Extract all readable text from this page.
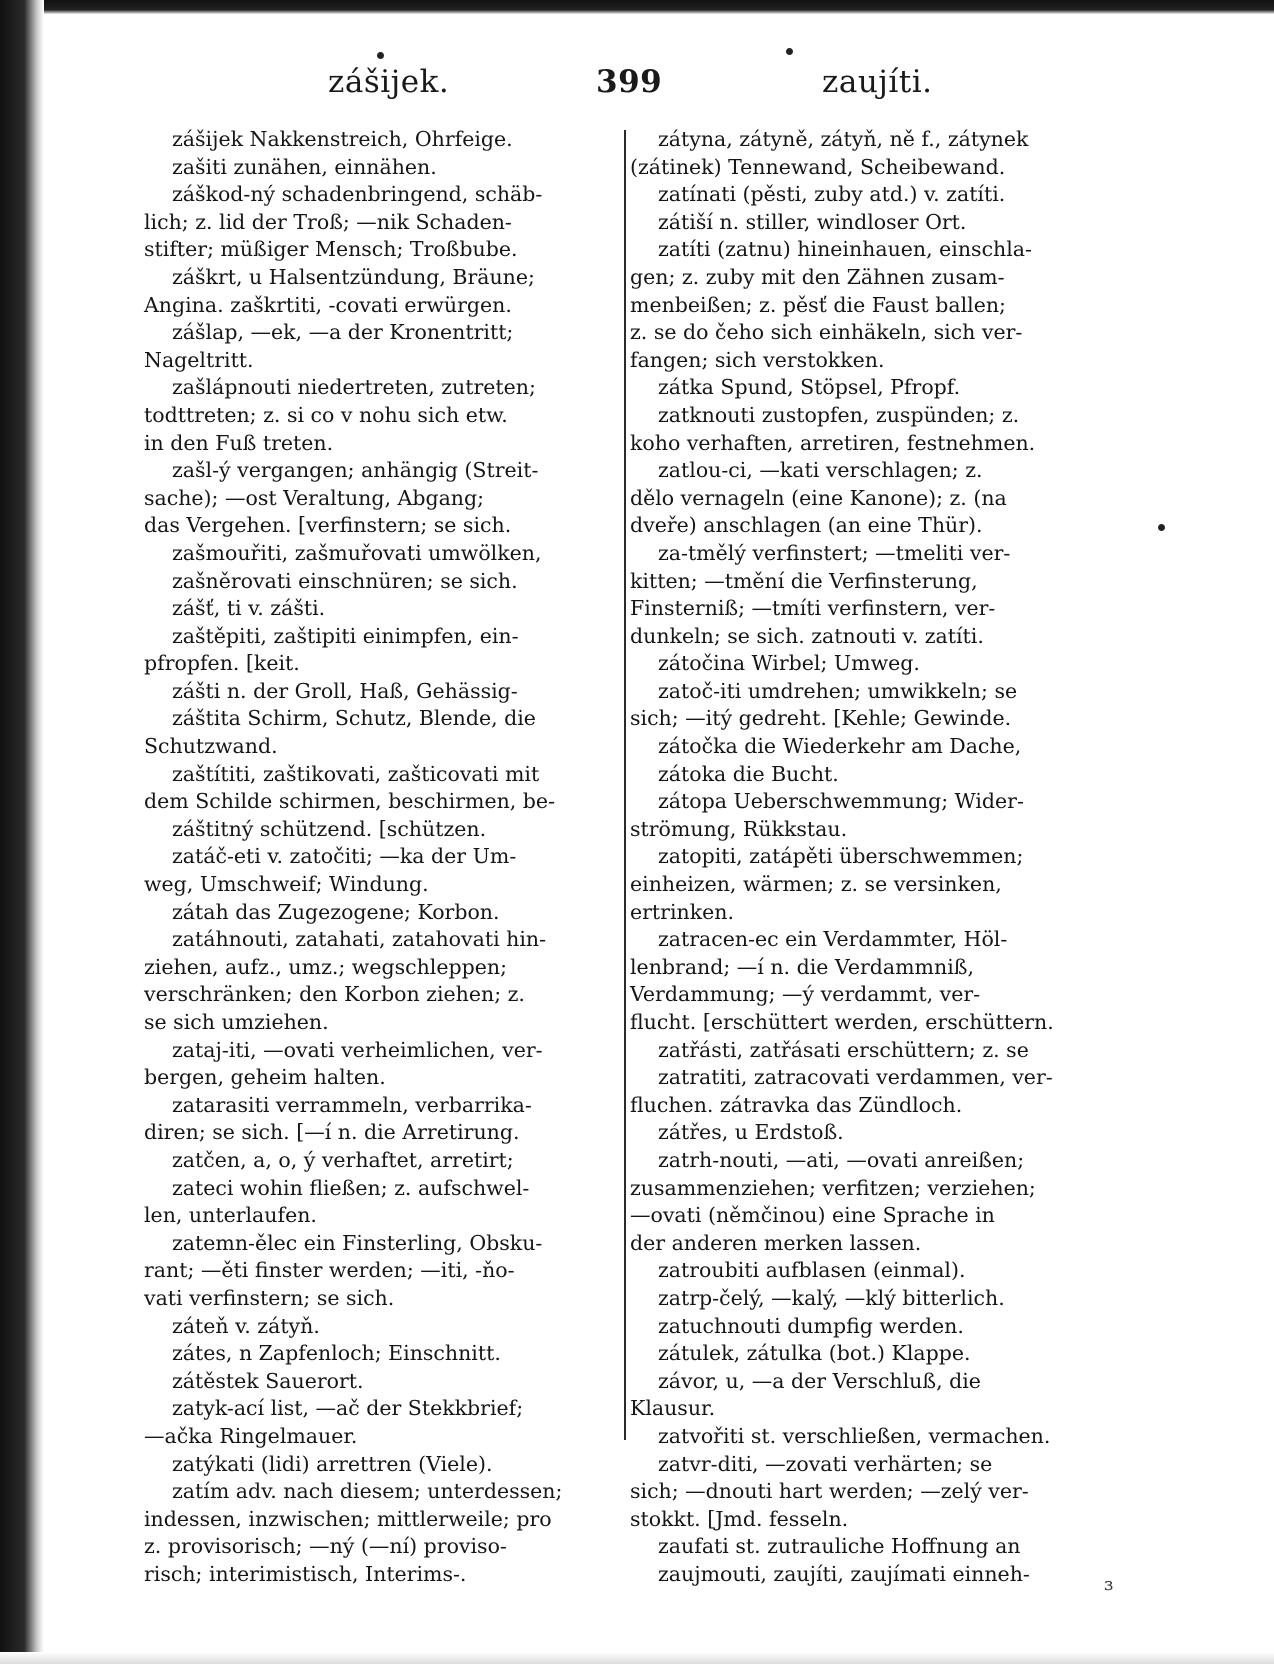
zášijek.	399	zaujíti.
zášijek Nakkenstreich, Ohrfeige.
zašiti zunähen, einnähen.
záškod-ný schadenbringend, schäb-
lich; z. lid der Troß; —nik Schaden-
stifter; müßiger Mensch; Troßbube.
záškrt, u Halsentzündung, Bräune;
Angina. zaškrtiti, -covati erwürgen.
zášlap, —ek, —a der Kronentritt;
Nageltritt.
zašlápnouti niedertreten, zutreten;
todttreten; z. si co v nohu sich etw.
in den Fuß treten.
zašl-ý vergangen; anhängig (Streit-
sache); —ost Veraltung, Abgang;
das Vergehen. [verfinstern; se sich.
zašmouřiti, zašmuřovati umwölken,
zašněrovati einschnüren; se sich.
zášť, ti v. zášti.
zaštěpiti, zaštipiti einimpfen, ein-
pfropfen. [keit.
zášti n. der Groll, Haß, Gehässig-
záštita Schirm, Schutz, Blende, die
Schutzwand.
zaštítiti, zaštikovati, zašticovati mit
dem Schilde schirmen, beschirmen, be-
záštitný schützend. [schützen.
zatáč-eti v. zatočiti; —ka der Um-
weg, Umschweif; Windung.
zátah das Zugezogene; Korbon.
zatáhnouti, zatahati, zatahovati hin-
ziehen, aufz., umz.; wegschleppen;
verschränken; den Korbon ziehen; z.
se sich umziehen.
zataj-iti, —ovati verheimlichen, ver-
bergen, geheim halten.
zatarasiti verrammeln, verbarrika-
diren; se sich. [—í n. die Arretirung.
zatčen, a, o, ý verhaftet, arretirt;
zateci wohin fließen; z. aufschwel-
len, unterlaufen.
zatemn-ělec ein Finsterling, Obsku-
rant; —ěti finster werden; —iti, -ňo-
vati verfinstern; se sich.
záteň v. zátyň.
zátes, n Zapfenloch; Einschnitt.
zátěstek Sauerort.
zatyk-ací list, —ač der Stekkbrief;
—ačka Ringelmauer.
zatýkati (lidi) arrettren (Viele).
zatím adv. nach diesem; unterdessen;
indessen, inzwischen; mittlerweile; pro
z. provisorisch; —ný (—ní) proviso-
risch; interimistisch, Interims-.
zátyna, zátyně, zátyň, ně f., zátynek
(zátinek) Tennewand, Scheibewand.
zatínati (pěsti, zuby atd.) v. zatíti.
zátiší n. stiller, windloser Ort.
zatíti (zatnu) hineinhauen, einschla-
gen; z. zuby mit den Zähnen zusam-
menbeißen; z. pěsť die Faust ballen;
z. se do čeho sich einhäkeln, sich ver-
fangen; sich verstokken.
zátka Spund, Stöpsel, Pfropf.
zatknouti zustopfen, zuspünden; z.
koho verhaften, arretiren, festnehmen.
zatlou-ci, —kati verschlagen; z.
dělo vernageln (eine Kanone); z. (na
dveře) anschlagen (an eine Thür).
za-tmělý verfinstert; —tmeliti ver-
kitten; —tmění die Verfinsterung,
Finsterniß; —tmíti verfinstern, ver-
dunkeln; se sich. zatnouti v. zatíti.
zátočina Wirbel; Umweg.
zatoč-iti umdrehen; umwikkeln; se
sich; —itý gedreht. [Kehle; Gewinde.
zátočka die Wiederkehr am Dache,
zátoka die Bucht.
zátopa Ueberschwemmung; Wider-
strömung, Rükkstau.
zatopiti, zatápěti überschwemmen;
einheizen, wärmen; z. se versinken,
ertrinken.
zatracen-ec ein Verdammter, Höl-
lenbrand; —í n. die Verdammniß,
Verdammung; —ý verdammt, ver-
flucht. [erschüttert werden, erschüttern.
zatřásti, zatřásati erschüttern; z. se
zatratiti, zatracovati verdammen, ver-
fluchen. zátravka das Zündloch.
zátřes, u Erdstoß.
zatrh-nouti, —ati, —ovati anreißen;
zusammenziehen; verfitzen; verziehen;
—ovati (němčinou) eine Sprache in
der anderen merken lassen.
zatroubiti aufblasen (einmal).
zatrp-čelý, —kalý, —klý bitterlich.
zatuchnouti dumpfig werden.
zátulek, zátulka (bot.) Klappe.
závor, u, —a der Verschluß, die
Klausur.
zatvořiti st. verschließen, vermachen.
zatvr-diti, —zovati verhärten; se
sich; —dnouti hart werden; —zelý ver-
stokkt. [Jmd. fesseln.
zaufati st. zutrauliche Hoffnung an
zaujmouti, zaujíti, zaujímati einneh-	ɜ
